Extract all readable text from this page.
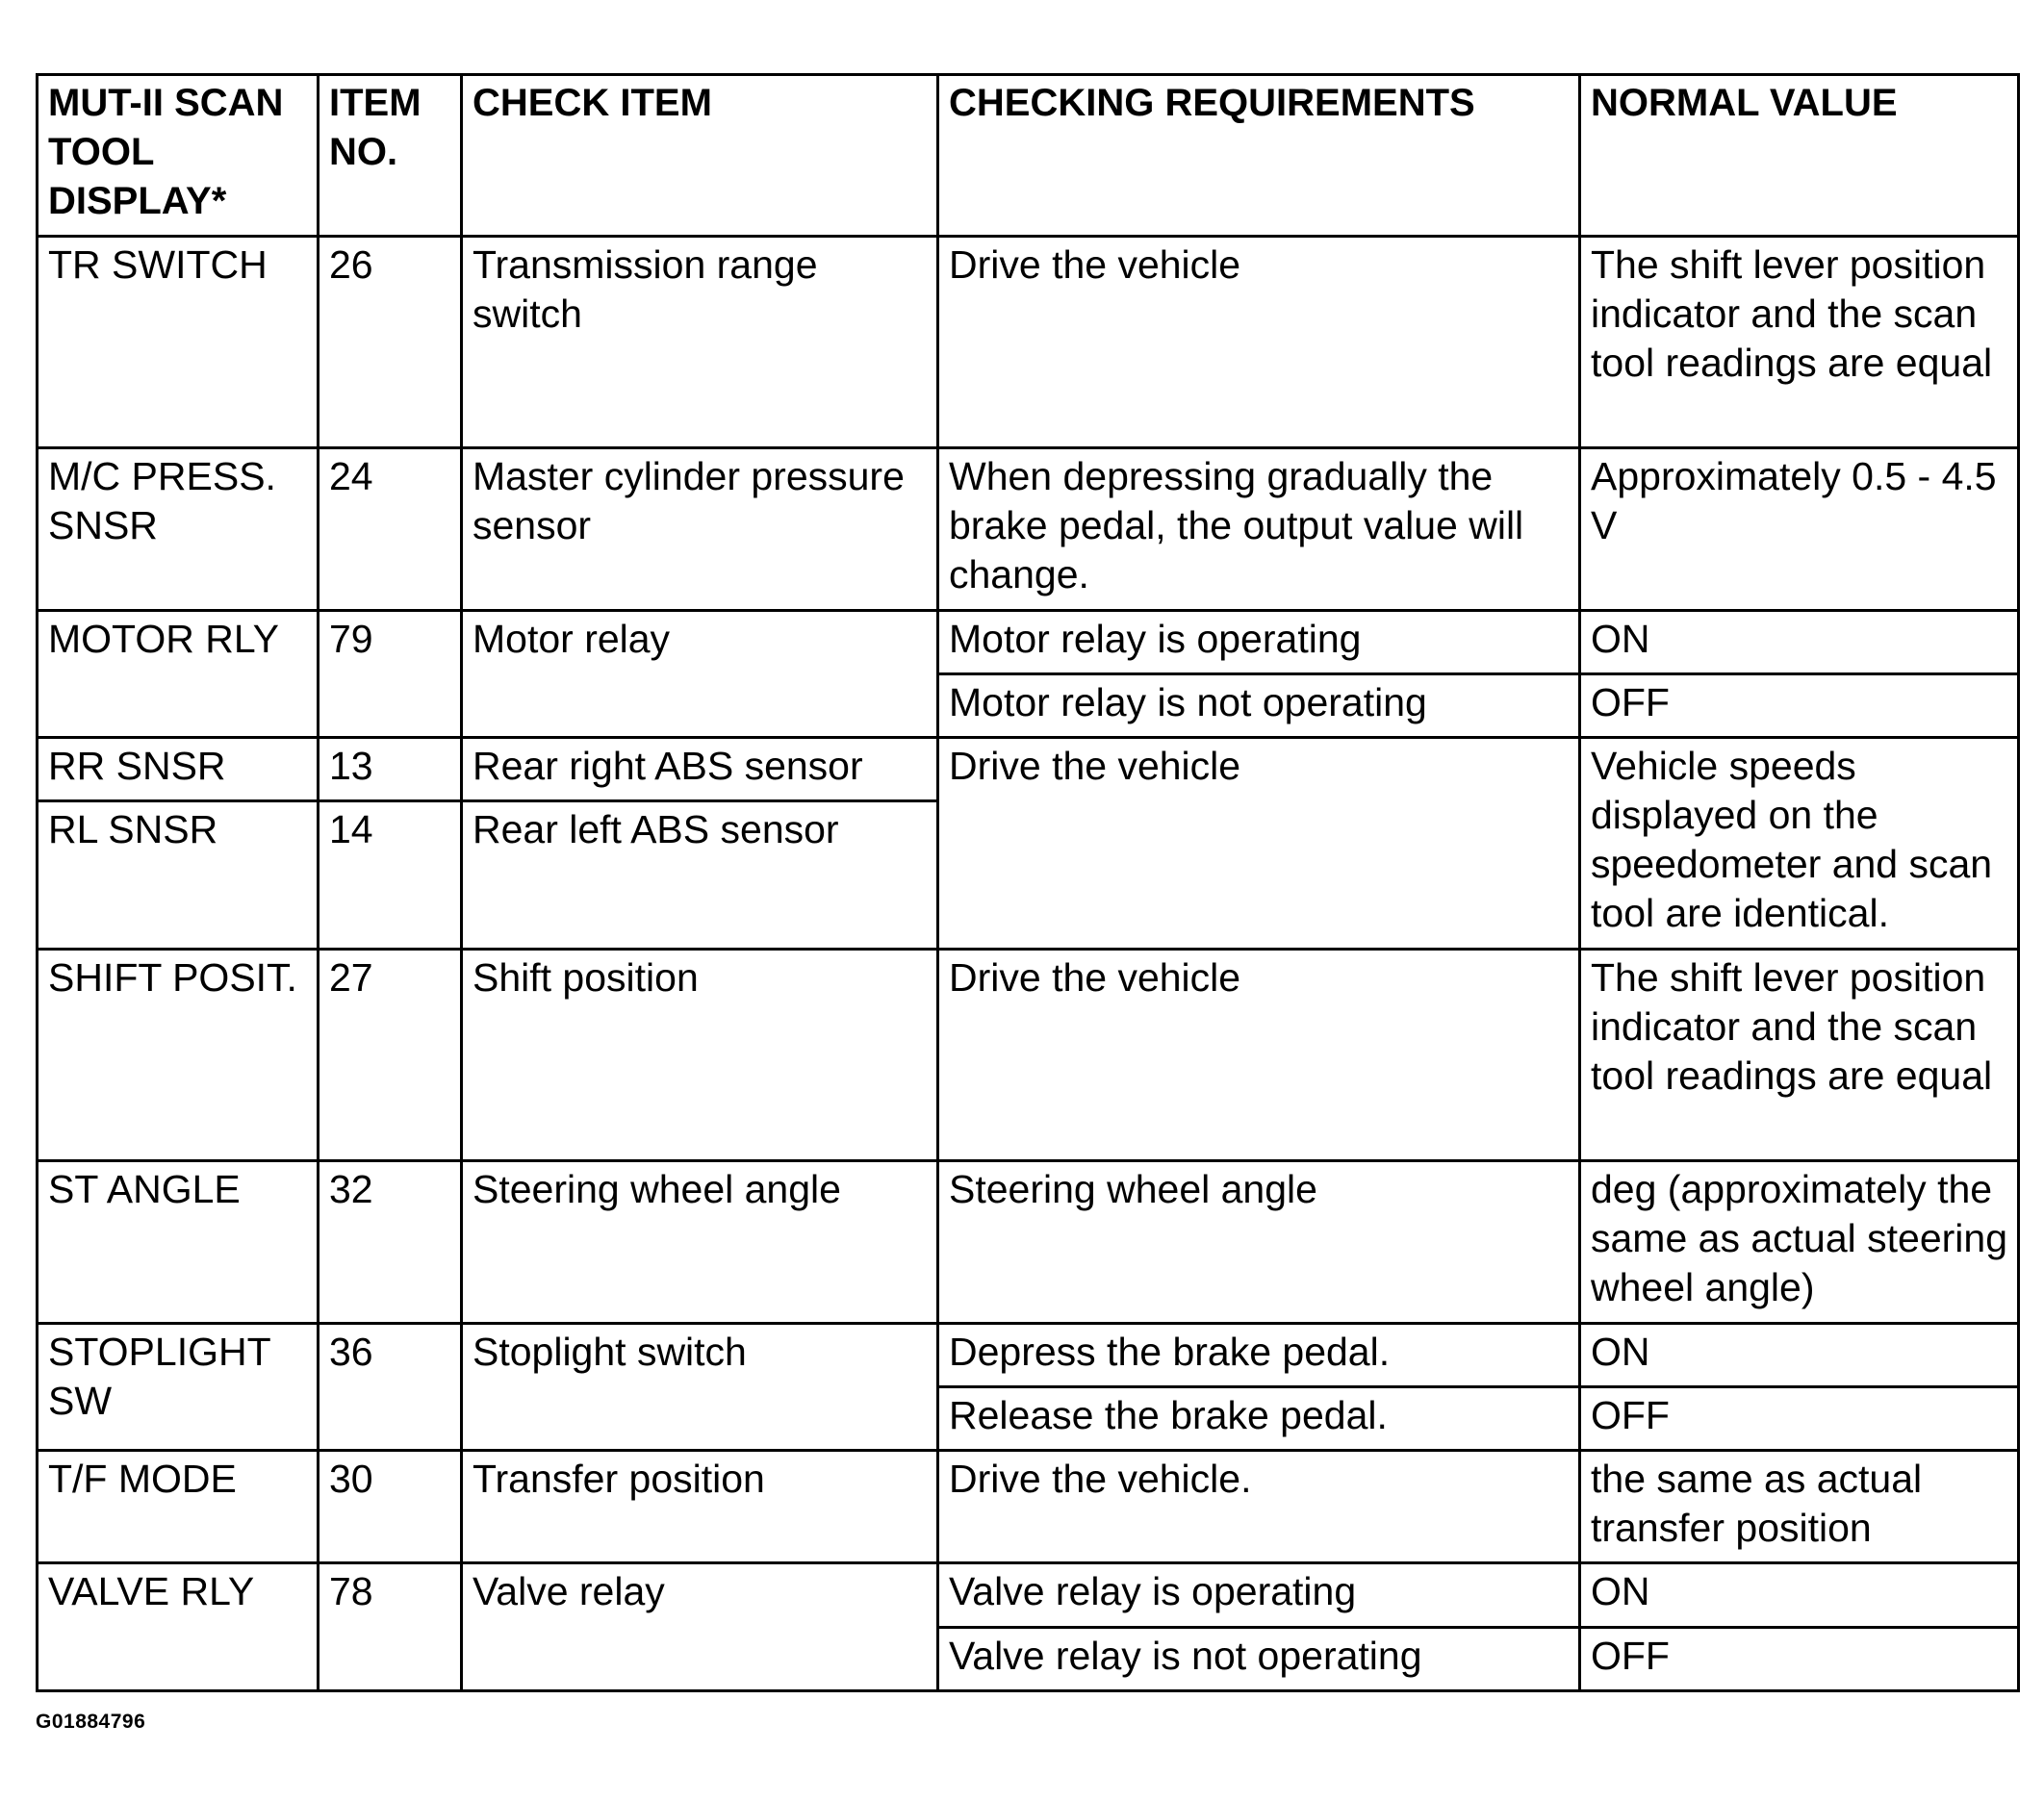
MUT-II SCAN TOOL DISPLAY*	ITEM NO.	CHECK ITEM	CHECKING REQUIREMENTS	NORMAL VALUE
TR SWITCH	26	Transmission range switch	Drive the vehicle	The shift lever position indicator and the scan tool readings are equal
M/C PRESS. SNSR	24	Master cylinder pressure sensor	When depressing gradually the brake pedal, the output value will change.	Approximately 0.5 - 4.5 V
MOTOR RLY	79	Motor relay	Motor relay is operating	ON
			Motor relay is not operating	OFF
RR SNSR	13	Rear right ABS sensor	Drive the vehicle	Vehicle speeds displayed on the speedometer and scan tool are identical.
RL SNSR	14	Rear left ABS sensor		
SHIFT POSIT.	27	Shift position	Drive the vehicle	The shift lever position indicator and the scan tool readings are equal
ST ANGLE	32	Steering wheel angle	Steering wheel angle	deg (approximately the same as actual steering wheel angle)
STOPLIGHT SW	36	Stoplight switch	Depress the brake pedal.	ON
			Release the brake pedal.	OFF
T/F MODE	30	Transfer position	Drive the vehicle.	the same as actual transfer position
VALVE RLY	78	Valve relay	Valve relay is operating	ON
			Valve relay is not operating	OFF
G01884796
